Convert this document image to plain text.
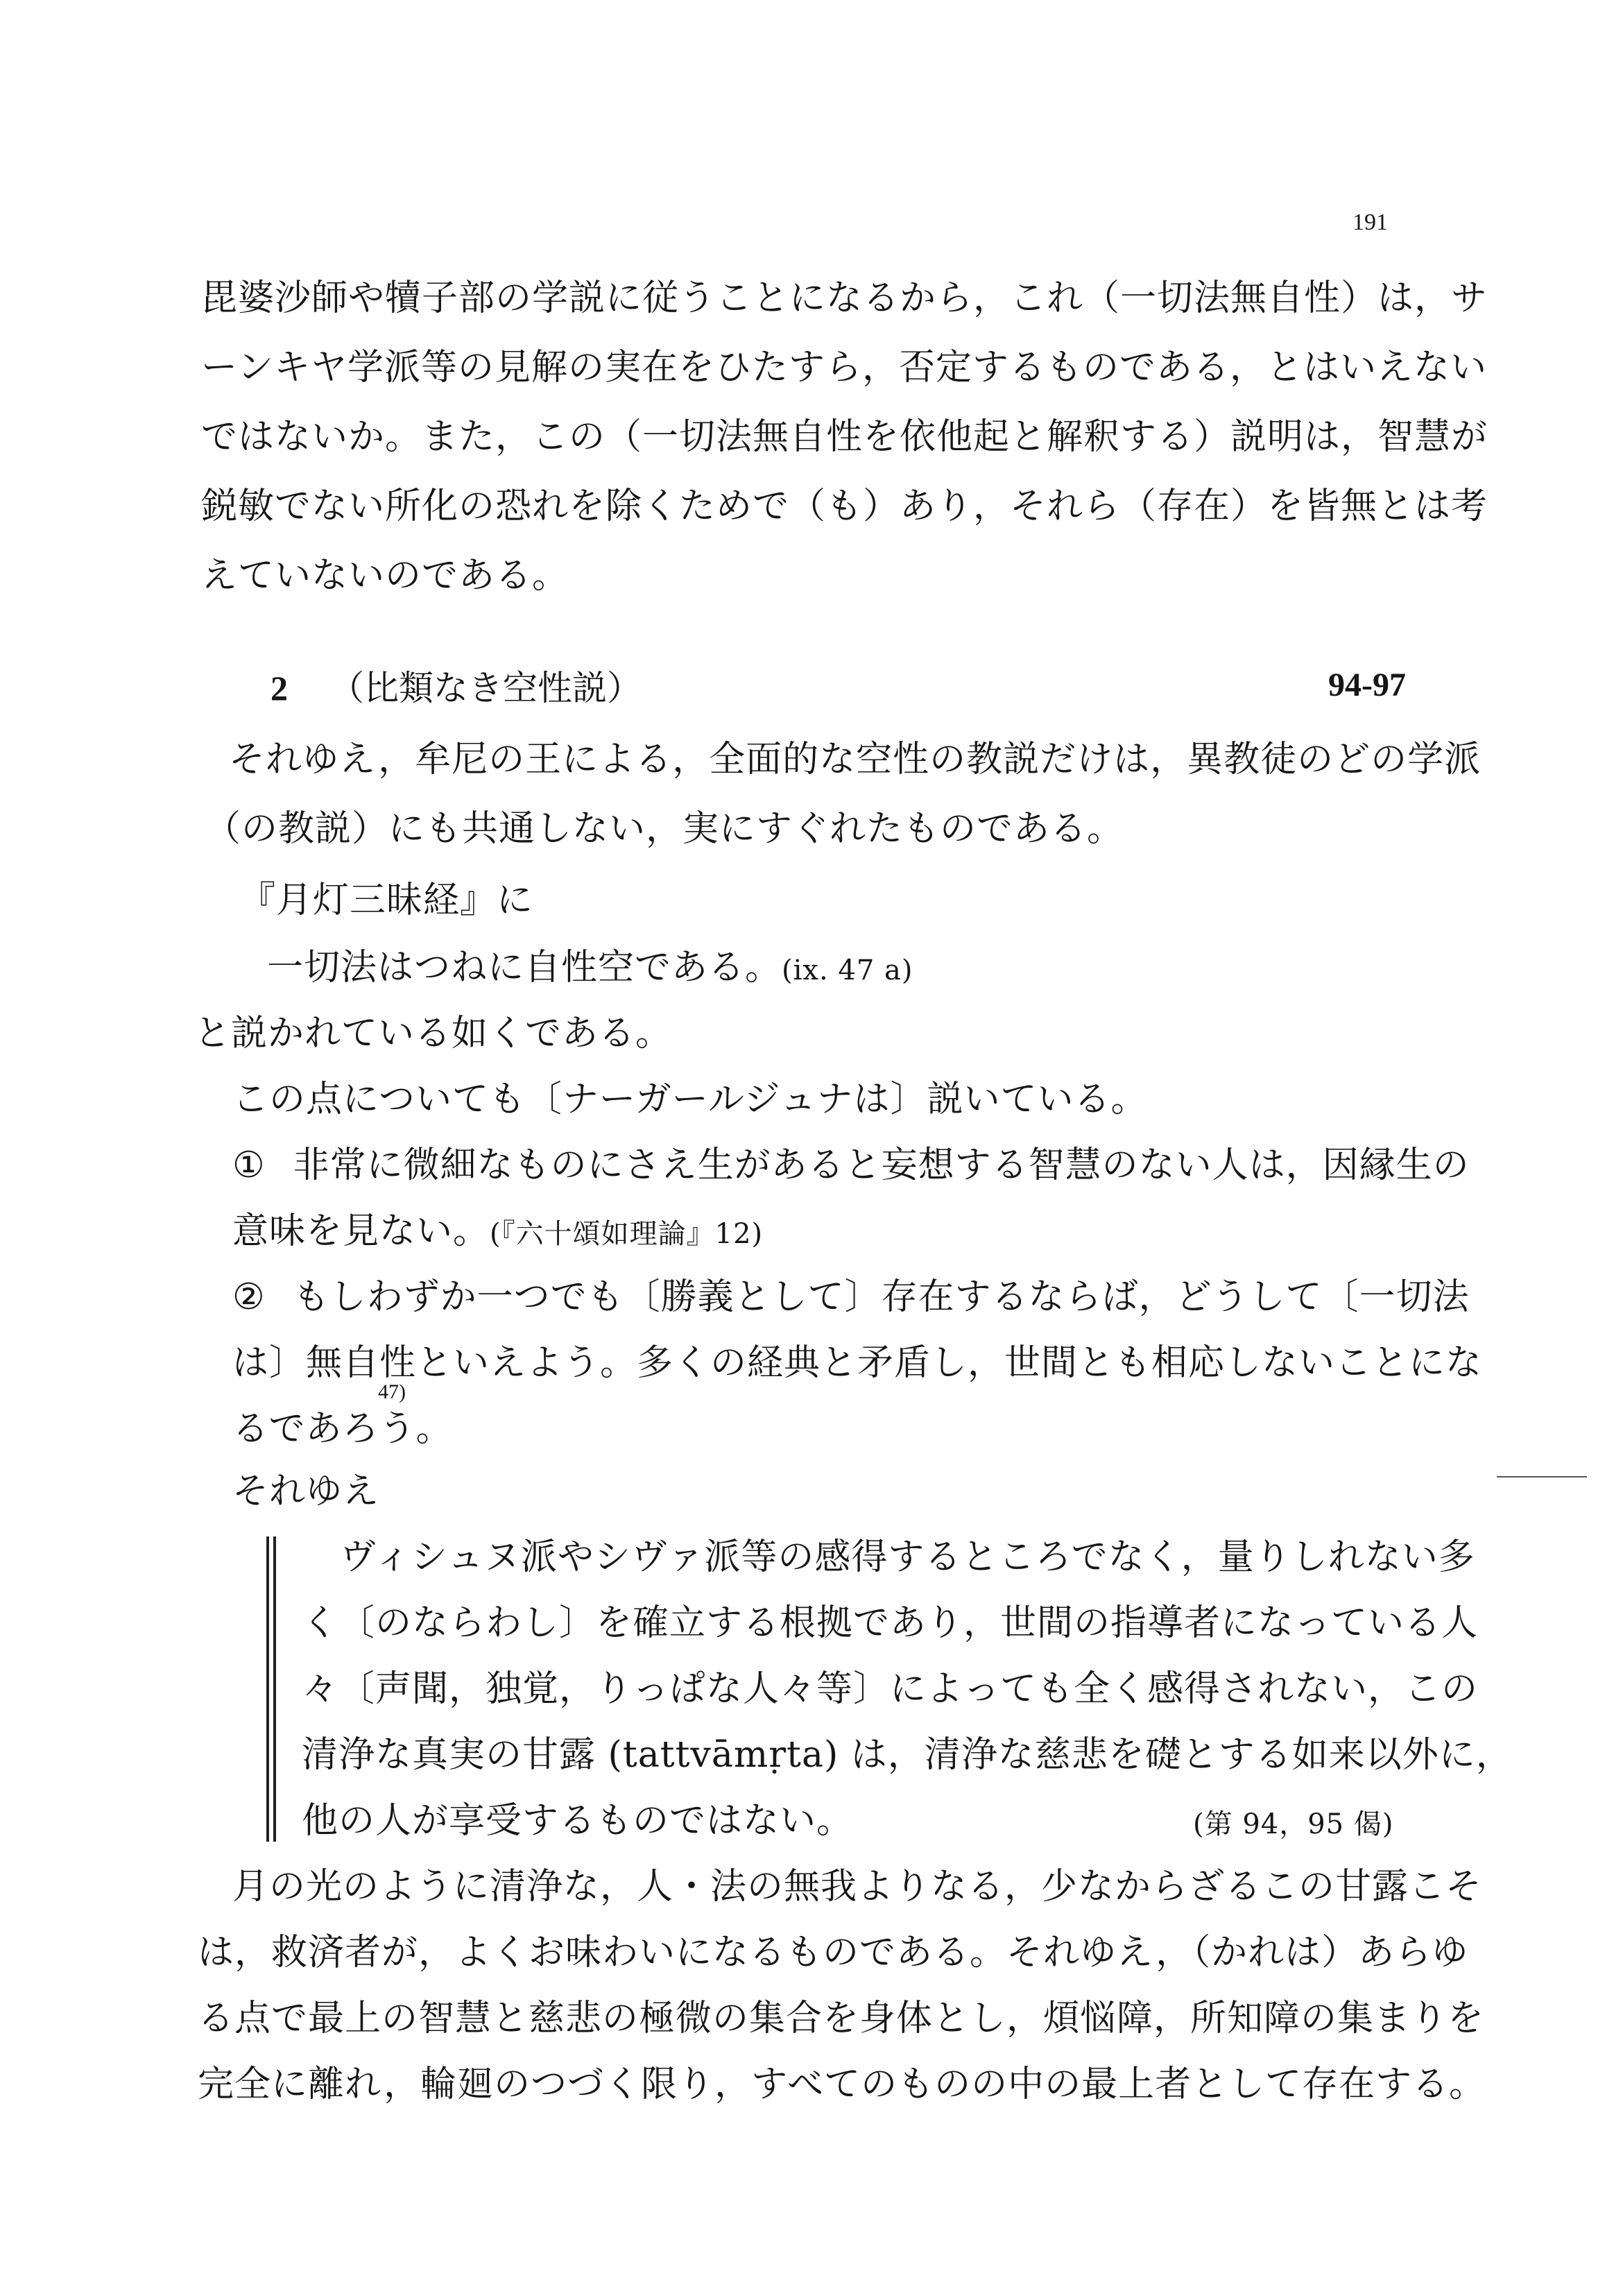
191
毘婆沙師や犢子部の学説に従うことになるから，これ（一切法無自性）は，サ
ーンキヤ学派等の見解の実在をひたすら，否定するものである，とはいえない
ではないか。また，この（一切法無自性を依他起と解釈する）説明は，智慧が
鋭敏でない所化の恐れを除くためで（も）あり，それら（存在）を皆無とは考
えていないのである。
2 （比類なき空性説）	94-97
それゆえ，牟尼の王による，全面的な空性の教説だけは，異教徒のどの学派
（の教説）にも共通しない，実にすぐれたものである。
『月灯三昧経』に
一切法はつねに自性空である。(ix. 47 a)
と説かれている如くである。
この点についても〔ナーガールジュナは〕説いている。
① 非常に微細なものにさえ生があると妄想する智慧のない人は，因縁生の
意味を見ない。(『六十頌如理論』12)
② もしわずか一つでも〔勝義として〕存在するならば，どうして〔一切法
は〕無自性といえよう。多くの経典と矛盾し，世間とも相応しないことにな
るであろう。
47)
それゆえ
ヴィシュヌ派やシヴァ派等の感得するところでなく，量りしれない多
く〔のならわし〕を確立する根拠であり，世間の指導者になっている人
々〔声聞，独覚，りっぱな人々等〕によっても全く感得されない，この
清浄な真実の甘露 (tattvāmṛta) は，清浄な慈悲を礎とする如来以外に，
他の人が享受するものではない。	(第 94，95 偈)
月の光のように清浄な，人・法の無我よりなる，少なからざるこの甘露こそ
は，救済者が，よくお味わいになるものである。それゆえ，（かれは）あらゆ
る点で最上の智慧と慈悲の極微の集合を身体とし，煩悩障，所知障の集まりを
完全に離れ，輪廻のつづく限り，すべてのものの中の最上者として存在する。
